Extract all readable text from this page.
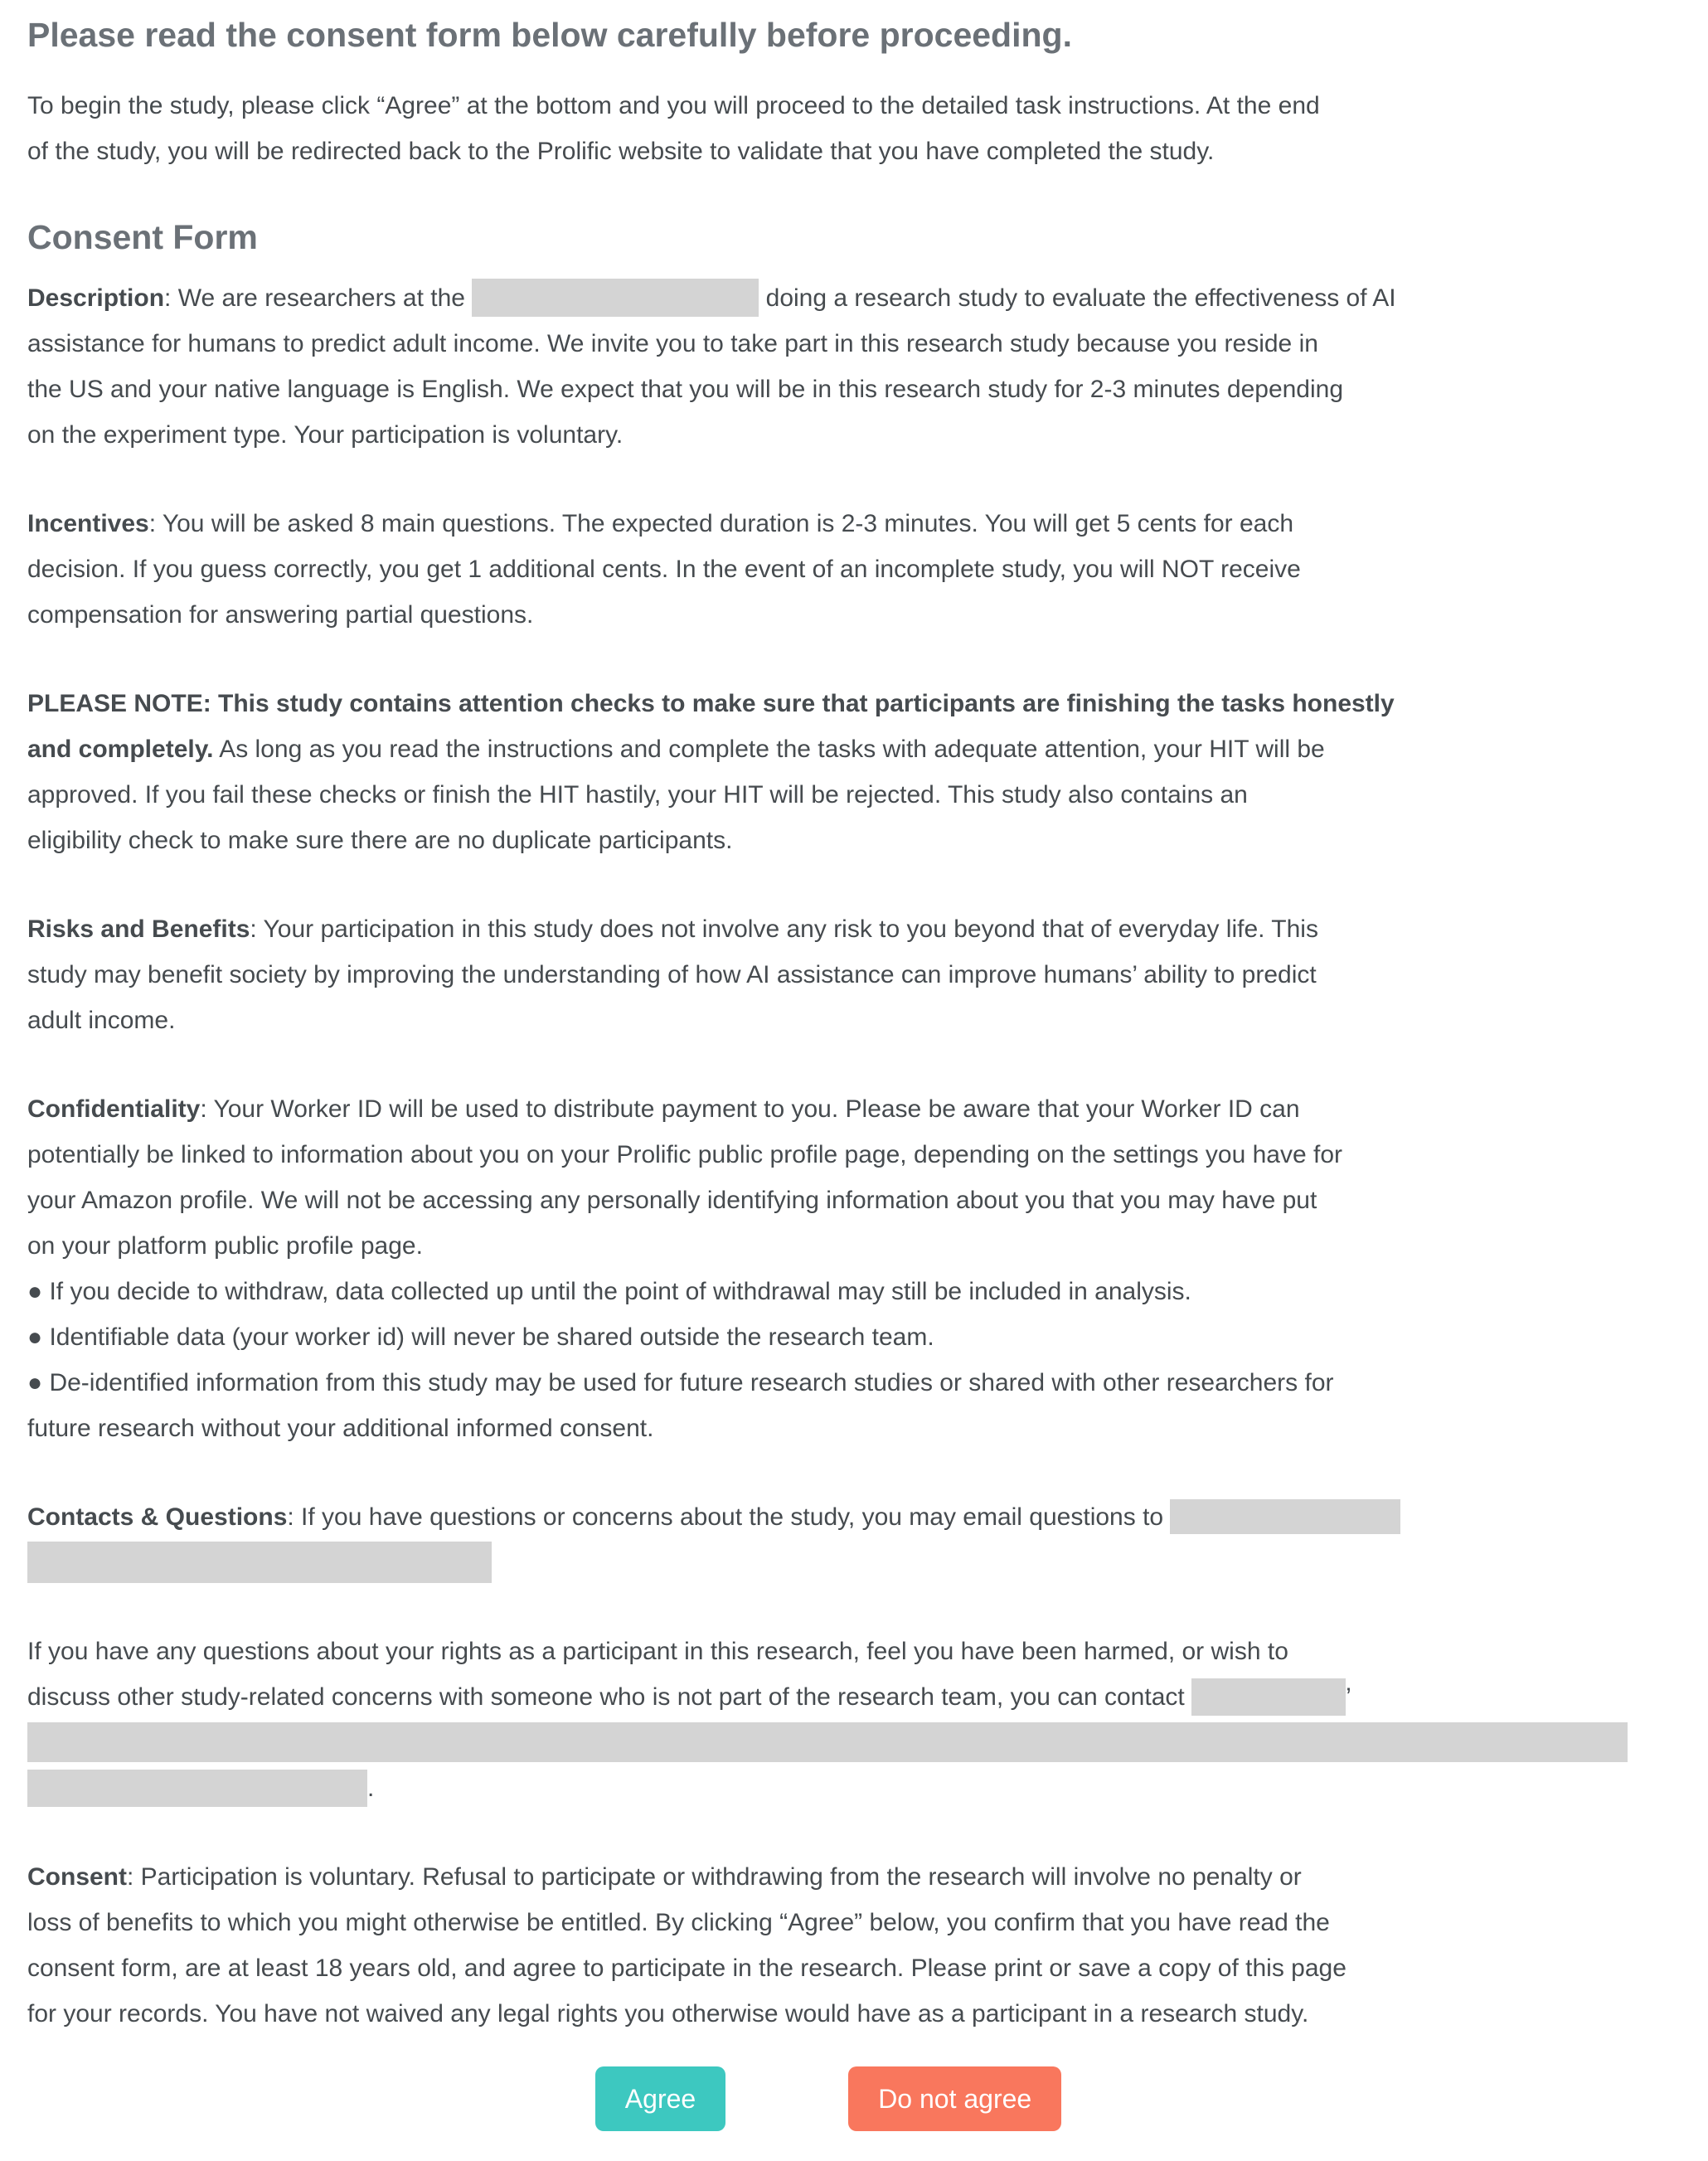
Please read the consent form below carefully before proceeding.
To begin the study, please click “Agree” at the bottom and you will proceed to the detailed task instructions. At the end
of the study, you will be redirected back to the Prolific website to validate that you have completed the study.
Consent Form
Description: We are researchers at the	doing a research study to evaluate the effectiveness of AI
assistance for humans to predict adult income. We invite you to take part in this research study because you reside in
the US and your native language is English. We expect that you will be in this research study for 2-3 minutes depending
on the experiment type. Your participation is voluntary.
Incentives: You will be asked 8 main questions. The expected duration is 2-3 minutes. You will get 5 cents for each
decision. If you guess correctly, you get 1 additional cents. In the event of an incomplete study, you will NOT receive
compensation for answering partial questions.
PLEASE NOTE: This study contains attention checks to make sure that participants are finishing the tasks honestly
and completely. As long as you read the instructions and complete the tasks with adequate attention, your HIT will be
approved. If you fail these checks or finish the HIT hastily, your HIT will be rejected. This study also contains an
eligibility check to make sure there are no duplicate participants.
Risks and Benefits: Your participation in this study does not involve any risk to you beyond that of everyday life. This
study may benefit society by improving the understanding of how AI assistance can improve humans’ ability to predict
adult income.
Confidentiality: Your Worker ID will be used to distribute payment to you. Please be aware that your Worker ID can
potentially be linked to information about you on your Prolific public profile page, depending on the settings you have for
your Amazon profile. We will not be accessing any personally identifying information about you that you may have put
on your platform public profile page.
● If you decide to withdraw, data collected up until the point of withdrawal may still be included in analysis.
● Identifiable data (your worker id) will never be shared outside the research team.
● De-identified information from this study may be used for future research studies or shared with other researchers for
future research without your additional informed consent.
Contacts & Questions: If you have questions or concerns about the study, you may email questions to
If you have any questions about your rights as a participant in this research, feel you have been harmed, or wish to
discuss other study-related concerns with someone who is not part of the research team, you can contact	’
.
Consent: Participation is voluntary. Refusal to participate or withdrawing from the research will involve no penalty or
loss of benefits to which you might otherwise be entitled. By clicking “Agree” below, you confirm that you have read the
consent form, are at least 18 years old, and agree to participate in the research. Please print or save a copy of this page
for your records. You have not waived any legal rights you otherwise would have as a participant in a research study.
Agree	Do not agree
